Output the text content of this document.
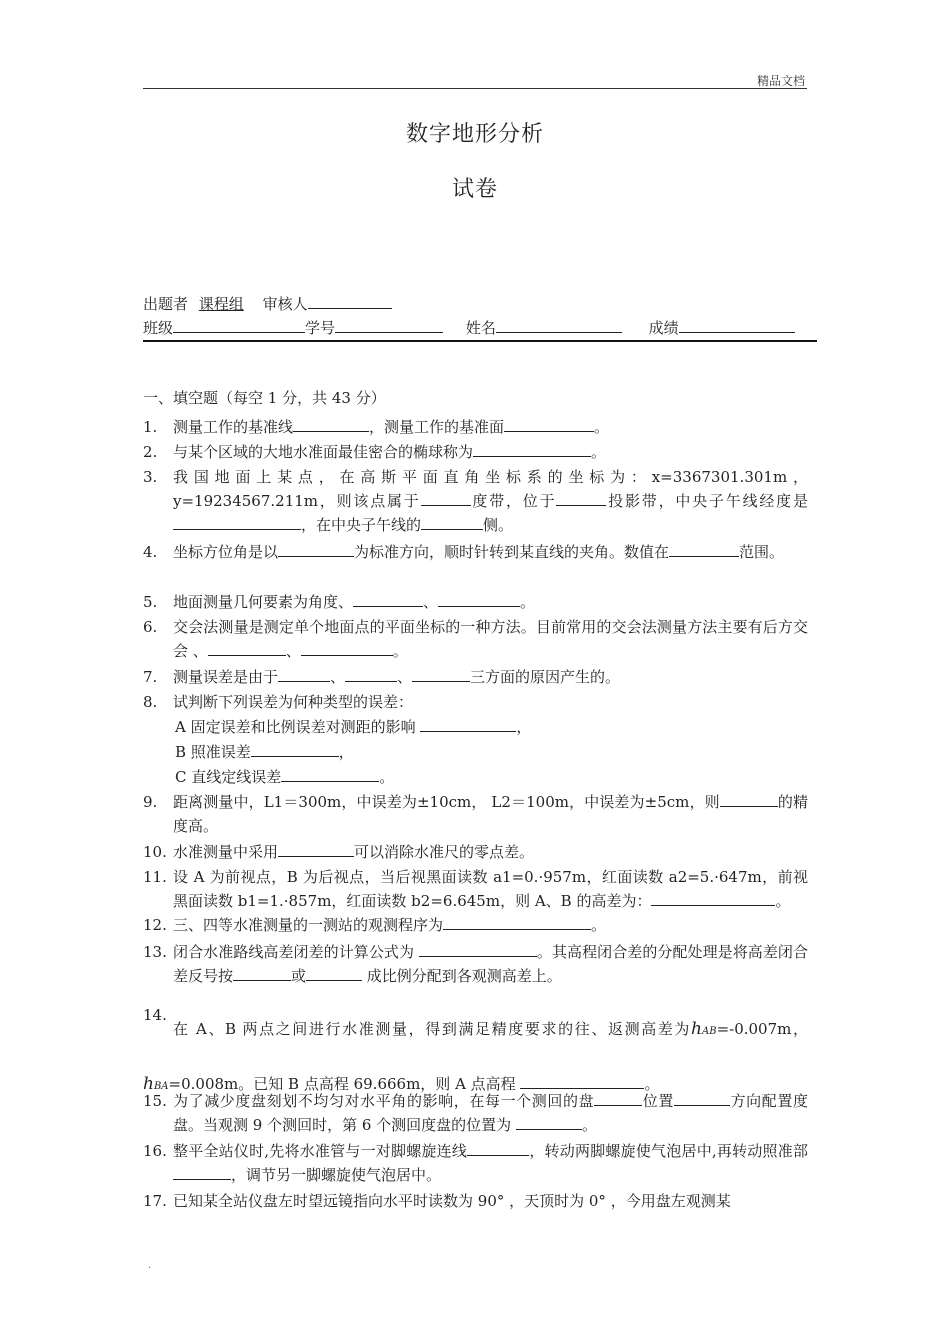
精品文档
数字地形分析
试卷
出题者 课程组 审核人
班级	学号	姓名	成绩
一、填空题（每空 1 分，共 43 分）
1. 测量工作的基准线	，测量工作的基准面	。
2. 与某个区域的大地水准面最佳密合的椭球称为	。
3. 我国地面上某点，在高斯平面直角坐标系的坐标为：x=3367301.301m，y=19234567.211m，则该点属于	度带，位于	投影带，中央子午线经度是，在中央子午线的	侧。
4. 坐标方位角是以	为标准方向，顺时针转到某直线的夹角。数值在	范围。
5. 地面测量几何要素为角度、	、	。
6. 交会法测量是测定单个地面点的平面坐标的一种方法。目前常用的交会法测量方法主要有后方交会 、	、	。
7. 测量误差是由于	、	、	三方面的原因产生的。
8. 试判断下列误差为何种类型的误差：
A 固定误差和比例误差对测距的影响	，
B 照准误差	，
C 直线定线误差	。
9. 距离测量中，L1＝300m，中误差为±10cm， L2＝100m，中误差为±5cm，则	的精度高。
10. 水准测量中采用	可以消除水准尺的零点差。
11. 设 A 为前视点，B 为后视点，当后视黑面读数 a1=0.·957m，红面读数 a2=5.·647m，前视黑面读数 b1=1.·857m，红面读数 b2=6.645m，则 A、B 的高差为：	。
12. 三、四等水准测量的一测站的观测程序为	。
13. 闭合水准路线高差闭差的计算公式为	。其高程闭合差的分配处理是将高差闭合差反号按	或	成比例分配到各观测高差上。
14.
在 A、B 两点之间进行水准测量，得到满足精度要求的往、返测高差为hAB=-0.007m， hBA=0.008m。已知 B 点高程 69.666m，则 A 点高程	。
15. 为了减少度盘刻划不均匀对水平角的影响，在每一个测回的盘	位置	方向配置度盘。当观测 9 个测回时，第 6 个测回度盘的位置为	。
16. 整平全站仪时,先将水准管与一对脚螺旋连线	，转动两脚螺旋使气泡居中,再转动照准部，调节另一脚螺旋使气泡居中。
17. 已知某全站仪盘左时望远镜指向水平时读数为 90° ，天顶时为 0° ，今用盘左观测某
.
